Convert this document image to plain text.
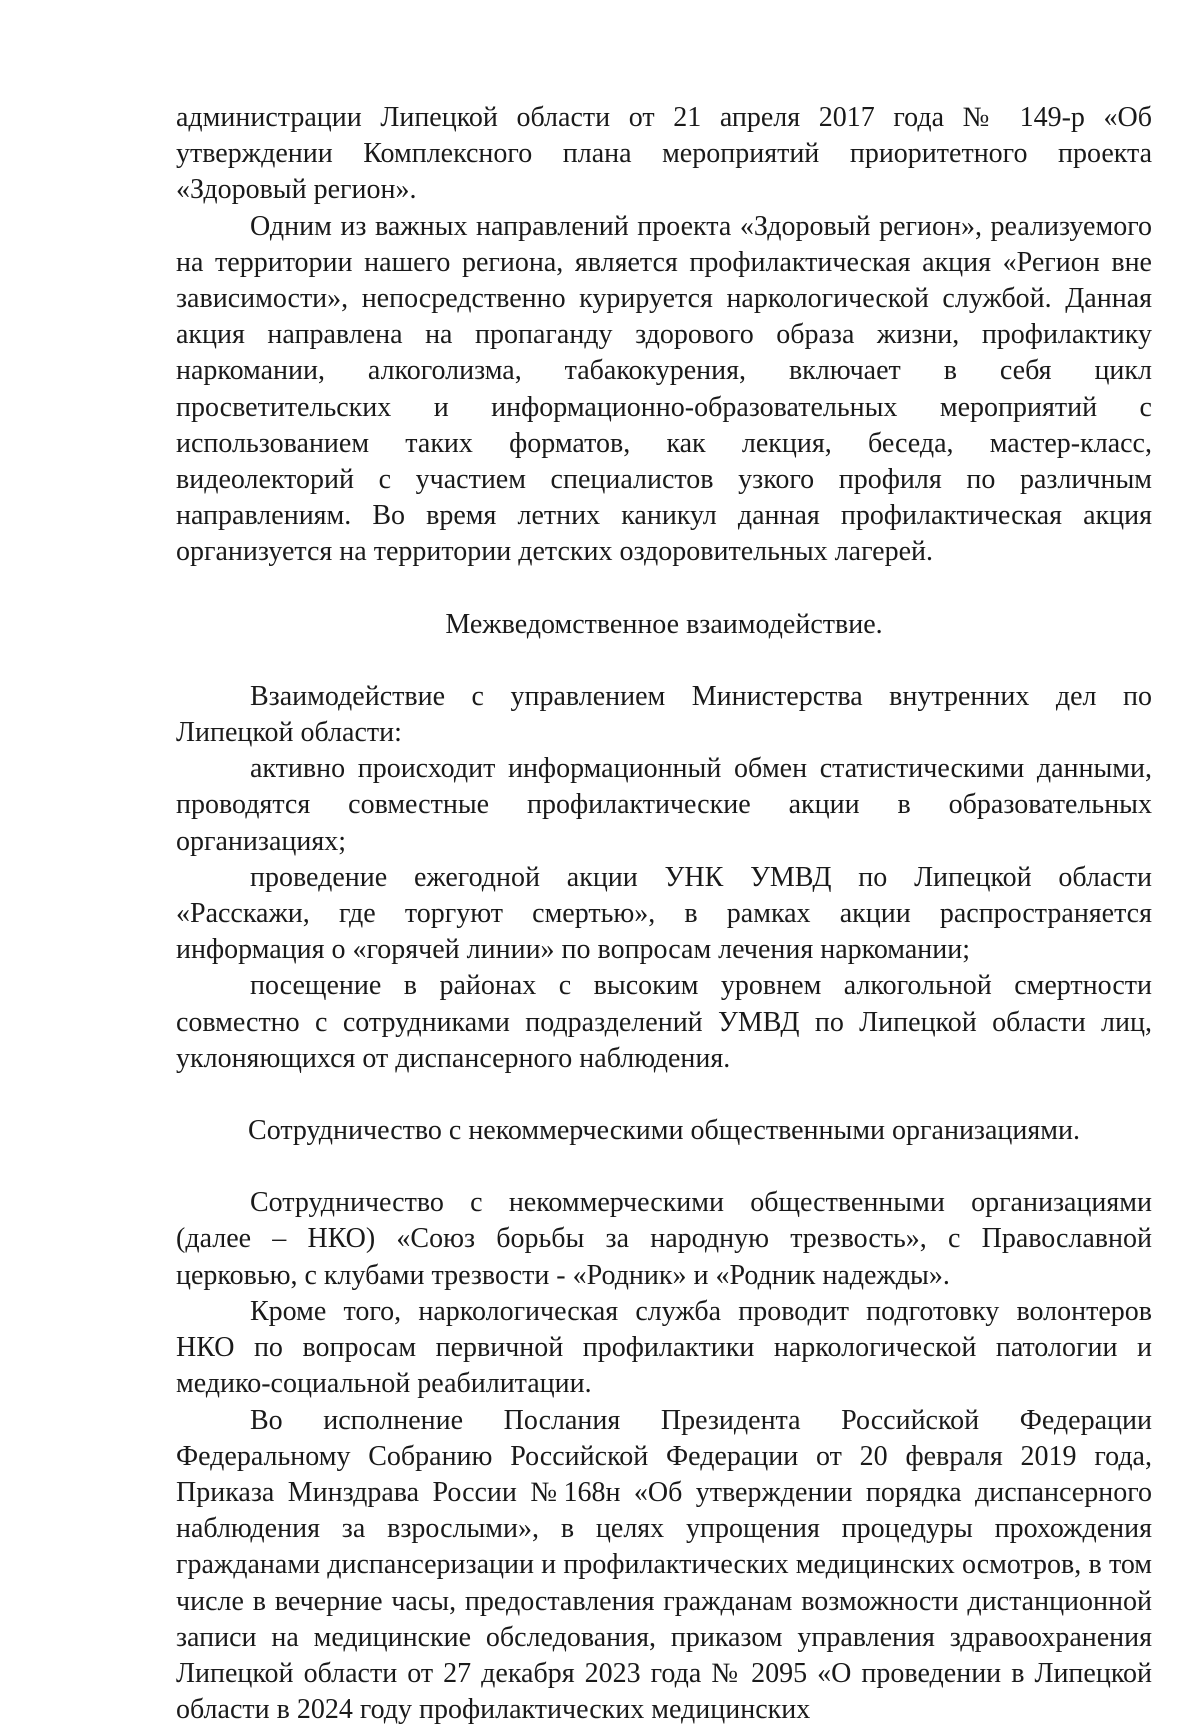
администрации Липецкой области от 21 апреля 2017 года № 149-р «Об утверждении Комплексного плана мероприятий приоритетного проекта «Здоровый регион».

Одним из важных направлений проекта «Здоровый регион», реализуемого на территории нашего региона, является профилактическая акция «Регион вне зависимости», непосредственно курируется наркологической службой. Данная акция направлена на пропаганду здорового образа жизни, профилактику наркомании, алкоголизма, табакокурения, включает в себя цикл просветительских и информационно-образовательных мероприятий с использованием таких форматов, как лекция, беседа, мастер-класс, видеолекторий с участием специалистов узкого профиля по различным направлениям. Во время летних каникул данная профилактическая акция организуется на территории детских оздоровительных лагерей.

Межведомственное взаимодействие.

Взаимодействие с управлением Министерства внутренних дел по Липецкой области:

активно происходит информационный обмен статистическими данными, проводятся совместные профилактические акции в образовательных организациях;

проведение ежегодной акции УНК УМВД по Липецкой области «Расскажи, где торгуют смертью», в рамках акции распространяется информация о «горячей линии» по вопросам лечения наркомании;

посещение в районах с высоким уровнем алкогольной смертности совместно с сотрудниками подразделений УМВД по Липецкой области лиц, уклоняющихся от диспансерного наблюдения.

Сотрудничество с некоммерческими общественными организациями.

Сотрудничество с некоммерческими общественными организациями (далее – НКО) «Союз борьбы за народную трезвость», с Православной церковью, с клубами трезвости - «Родник» и «Родник надежды».

Кроме того, наркологическая служба проводит подготовку волонтеров НКО по вопросам первичной профилактики наркологической патологии и медико-социальной реабилитации.

Во исполнение Послания Президента Российской Федерации Федеральному Собранию Российской Федерации от 20 февраля 2019 года, Приказа Минздрава России №168н «Об утверждении порядка диспансерного наблюдения за взрослыми», в целях упрощения процедуры прохождения гражданами диспансеризации и профилактических медицинских осмотров, в том числе в вечерние часы, предоставления гражданам возможности дистанционной записи на медицинские обследования, приказом управления здравоохранения Липецкой области от 27 декабря 2023 года № 2095 «О проведении в Липецкой области в 2024 году профилактических медицинских
